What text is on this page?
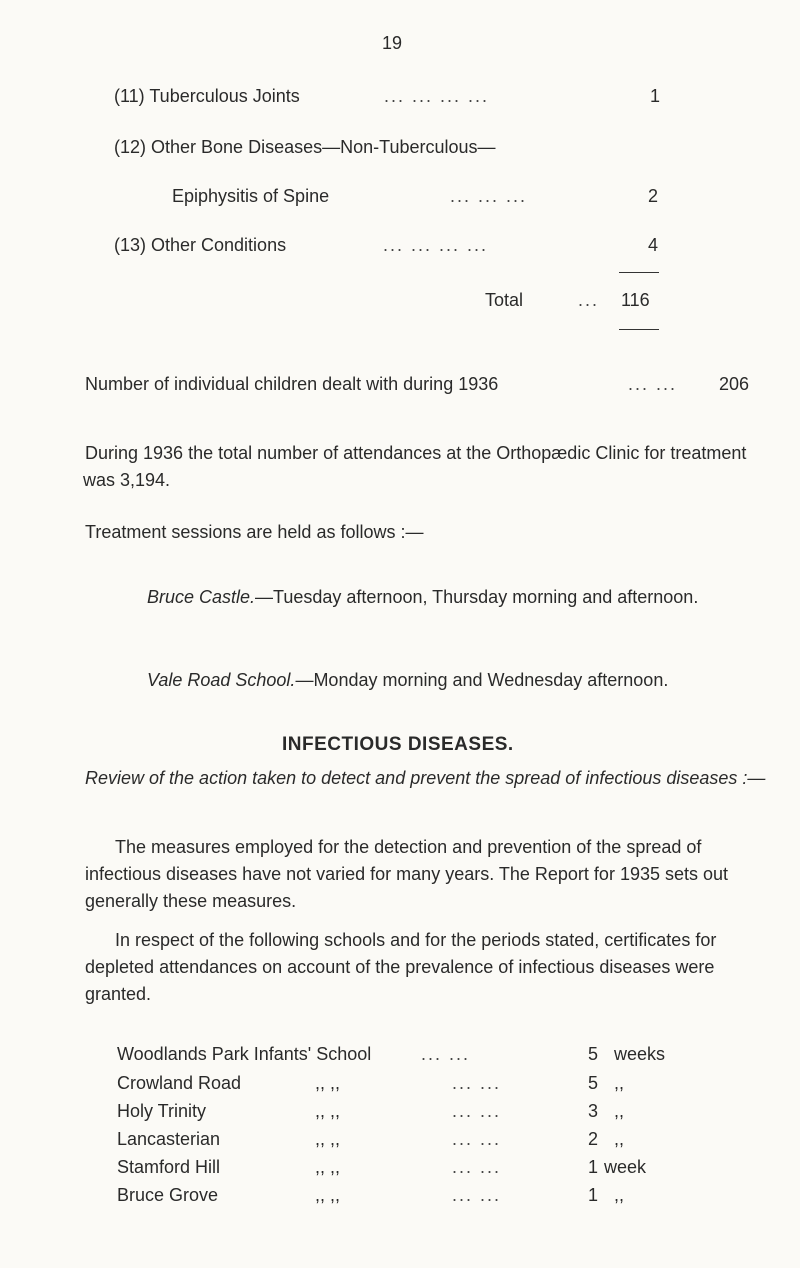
19
(11) Tuberculous Joints	... ... ... ...	1
(12) Other Bone Diseases—Non-Tuberculous—
Epiphysitis of Spine	... ... ...	2
(13) Other Conditions	... ... ... ...	4
Total	... 116
Number of individual children dealt with during 1936	... ... 206
During 1936 the total number of attendances at the Orthopædic Clinic for treatment was 3,194.
Treatment sessions are held as follows :—
Bruce Castle.—Tuesday afternoon, Thursday morning and afternoon.
Vale Road School.—Monday morning and Wednesday afternoon.
INFECTIOUS DISEASES.
Review of the action taken to detect and prevent the spread of infectious diseases :—
The measures employed for the detection and prevention of the spread of infectious diseases have not varied for many years. The Report for 1935 sets out generally these measures.
In respect of the following schools and for the periods stated, certificates for depleted attendances on account of the prevalence of infectious diseases were granted.
Woodlands Park Infants' School	... ...	5 weeks
Crowland Road	,, ,,	... ...	5 ,,
Holy Trinity	,, ,,	... ...	3 ,,
Lancasterian	,, ,,	... ...	2 ,,
Stamford Hill	,, ,,	... ...	1 week
Bruce Grove	,, ,,	... ...	1 ,,
